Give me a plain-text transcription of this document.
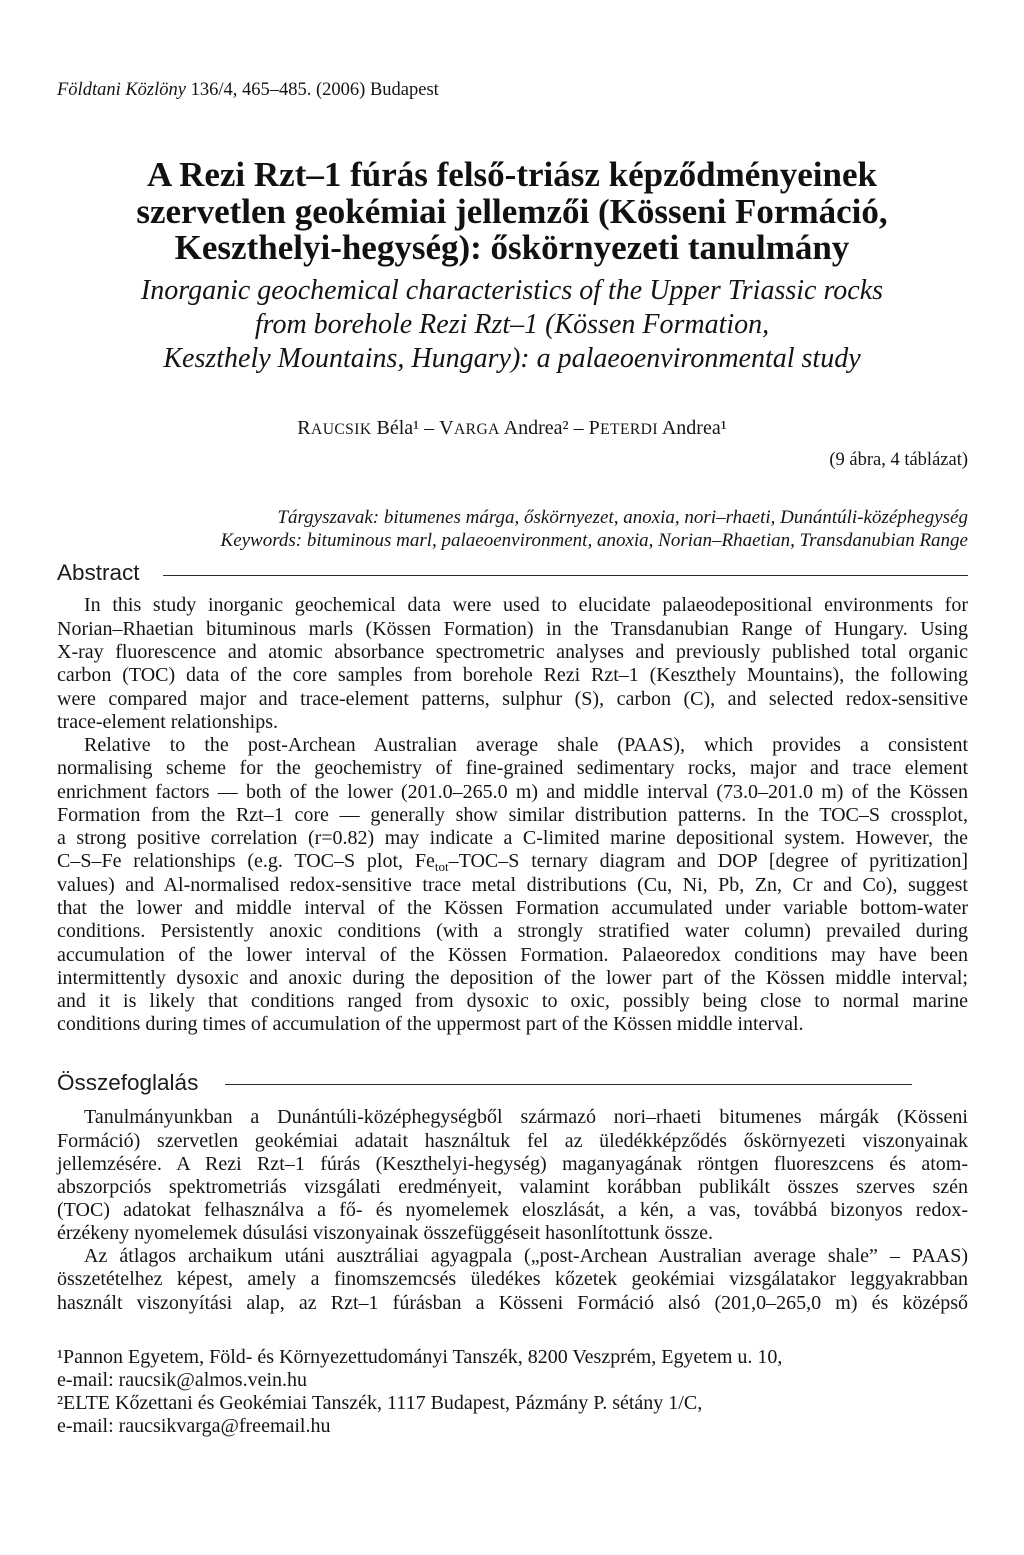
Földtani Közlöny 136/4, 465–485. (2006) Budapest
A Rezi Rzt–1 fúrás felső-triász képződményeinek
szervetlen geokémiai jellemzői (Kösseni Formáció,
Keszthelyi-hegység): őskörnyezeti tanulmány
Inorganic geochemical characteristics of the Upper Triassic rocks
from borehole Rezi Rzt–1 (Kössen Formation,
Keszthely Mountains, Hungary): a palaeoenvironmental study
RAUCSIK Béla¹ – VARGA Andrea² – PETERDI Andrea¹
(9 ábra, 4 táblázat)
Tárgyszavak: bitumenes márga, őskörnyezet, anoxia, nori–rhaeti, Dunántúli-középhegység
Keywords: bituminous marl, palaeoenvironment, anoxia, Norian–Rhaetian, Transdanubian Range
Abstract
In this study inorganic geochemical data were used to elucidate palaeodepositional environments for
Norian–Rhaetian bituminous marls (Kössen Formation) in the Transdanubian Range of Hungary. Using
X-ray fluorescence and atomic absorbance spectrometric analyses and previously published total organic
carbon (TOC) data of the core samples from borehole Rezi Rzt–1 (Keszthely Mountains), the following
were compared major and trace-element patterns, sulphur (S), carbon (C), and selected redox-sensitive
trace-element relationships.
Relative to the post-Archean Australian average shale (PAAS), which provides a consistent
normalising scheme for the geochemistry of fine-grained sedimentary rocks, major and trace element
enrichment factors — both of the lower (201.0–265.0 m) and middle interval (73.0–201.0 m) of the Kössen
Formation from the Rzt–1 core — generally show similar distribution patterns. In the TOC–S crossplot,
a strong positive correlation (r=0.82) may indicate a C-limited marine depositional system. However, the
C–S–Fe relationships (e.g. TOC–S plot, $Fe_{tot}-TOC-S$ ternary diagram and DOP [degree of pyritization]
values) and Al-normalised redox-sensitive trace metal distributions (Cu, Ni, Pb, Zn, Cr and Co), suggest
that the lower and middle interval of the Kössen Formation accumulated under variable bottom-water
conditions. Persistently anoxic conditions (with a strongly stratified water column) prevailed during
accumulation of the lower interval of the Kössen Formation. Palaeoredox conditions may have been
intermittently dysoxic and anoxic during the deposition of the lower part of the Kössen middle interval;
and it is likely that conditions ranged from dysoxic to oxic, possibly being close to normal marine
conditions during times of accumulation of the uppermost part of the Kössen middle interval.
Összefoglalás
Tanulmányunkban a Dunántúli-középhegységből származó nori–rhaeti bitumenes márgák (Kösseni
Formáció) szervetlen geokémiai adatait használtuk fel az üledékképződés őskörnyezeti viszonyainak
jellemzésére. A Rezi Rzt–1 fúrás (Keszthelyi-hegység) maganyagának röntgen fluoreszcens és atom-
abszorpciós spektrometriás vizsgálati eredményeit, valamint korábban publikált összes szerves szén
(TOC) adatokat felhasználva a fő- és nyomelemek eloszlását, a kén, a vas, továbbá bizonyos redox-
érzékeny nyomelemek dúsulási viszonyainak összefüggéseit hasonlítottunk össze.
Az átlagos archaikum utáni ausztráliai agyagpala („post-Archean Australian average shale” – PAAS)
összetételhez képest, amely a finomszemcsés üledékes kőzetek geokémiai vizsgálatakor leggyakrabban
használt viszonyítási alap, az Rzt–1 fúrásban a Kösseni Formáció alsó (201,0–265,0 m) és középső
¹Pannon Egyetem, Föld- és Környezettudományi Tanszék, 8200 Veszprém, Egyetem u. 10,
e-mail: raucsik@almos.vein.hu
²ELTE Kőzettani és Geokémiai Tanszék, 1117 Budapest, Pázmány P. sétány 1/C,
e-mail: raucsikvarga@freemail.hu
